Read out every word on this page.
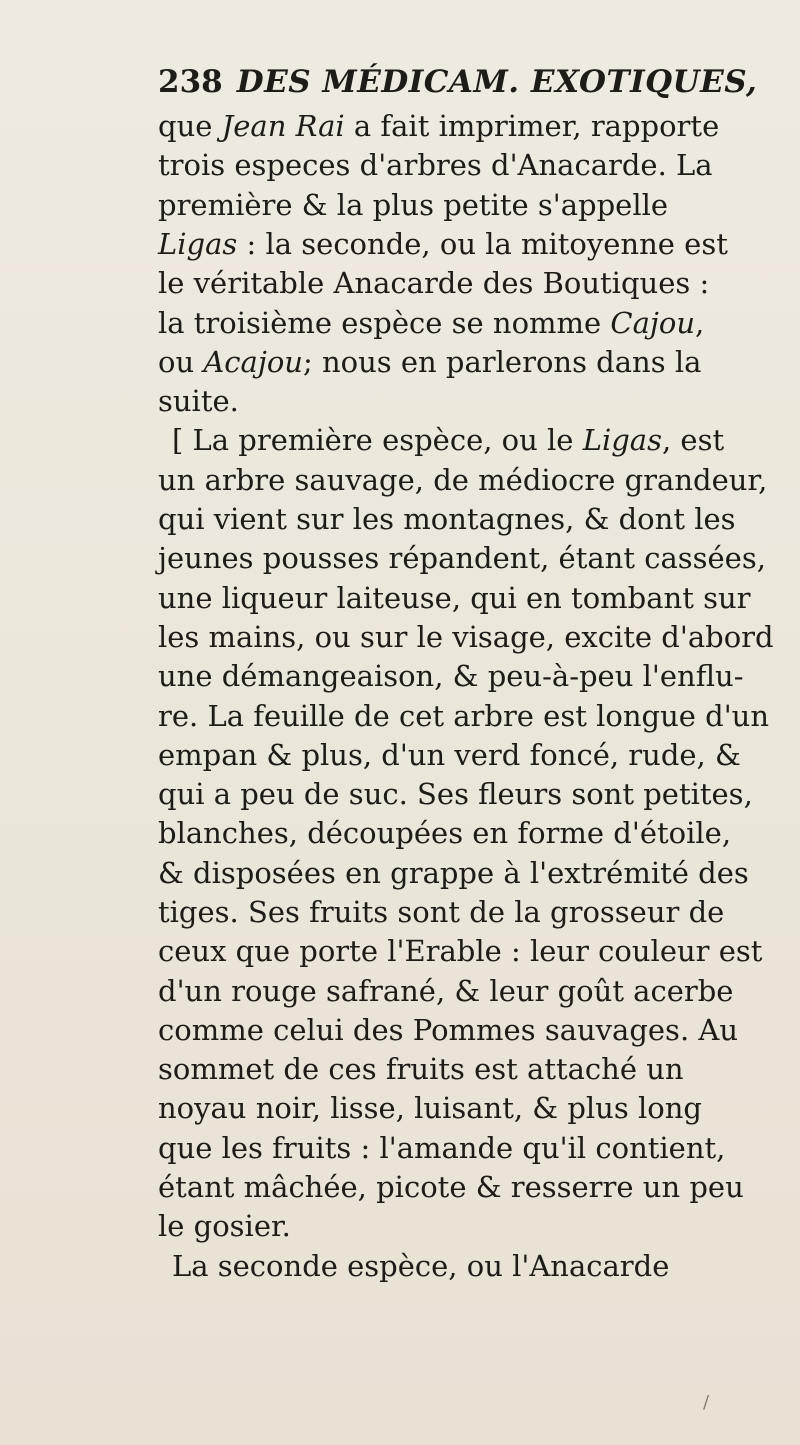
238 DES MÉDICAM. EXOTIQUES,
que Jean Rai a fait imprimer, rapporte
trois especes d'arbres d'Anacarde. La
première & la plus petite s'appelle
Ligas : la seconde, ou la mitoyenne est
le véritable Anacarde des Boutiques :
la troisième espèce se nomme Cajou,
ou Acajou; nous en parlerons dans la
suite.
[ La première espèce, ou le Ligas, est
un arbre sauvage, de médiocre grandeur,
qui vient sur les montagnes, & dont les
jeunes pousses répandent, étant cassées,
une liqueur laiteuse, qui en tombant sur
les mains, ou sur le visage, excite d'abord
une démangeaison, & peu-à-peu l'enflu-
re. La feuille de cet arbre est longue d'un
empan & plus, d'un verd foncé, rude, &
qui a peu de suc. Ses fleurs sont petites,
blanches, découpées en forme d'étoile,
& disposées en grappe à l'extrémité des
tiges. Ses fruits sont de la grosseur de
ceux que porte l'Erable : leur couleur est
d'un rouge safrané, & leur goût acerbe
comme celui des Pommes sauvages. Au
sommet de ces fruits est attaché un
noyau noir, lisse, luisant, & plus long
que les fruits : l'amande qu'il contient,
étant mâchée, picote & resserre un peu
le gosier.
La seconde espèce, ou l'Anacarde
/
